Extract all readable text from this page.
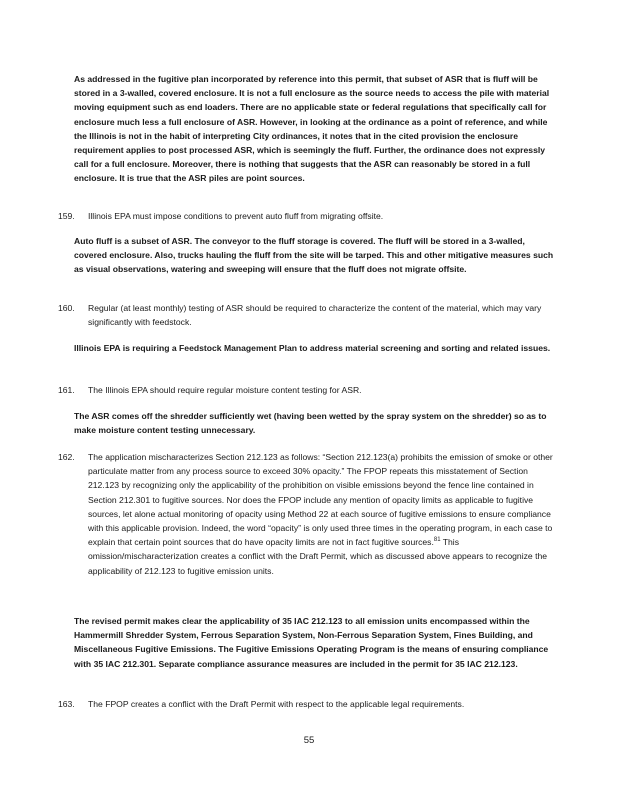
As addressed in the fugitive plan incorporated by reference into this permit, that subset of ASR that is fluff will be stored in a 3-walled, covered enclosure. It is not a full enclosure as the source needs to access the pile with material moving equipment such as end loaders. There are no applicable state or federal regulations that specifically call for enclosure much less a full enclosure of ASR. However, in looking at the ordinance as a point of reference, and while the Illinois is not in the habit of interpreting City ordinances, it notes that in the cited provision the enclosure requirement applies to post processed ASR, which is seemingly the fluff. Further, the ordinance does not expressly call for a full enclosure. Moreover, there is nothing that suggests that the ASR can reasonably be stored in a full enclosure. It is true that the ASR piles are point sources.
159. Illinois EPA must impose conditions to prevent auto fluff from migrating offsite.
Auto fluff is a subset of ASR. The conveyor to the fluff storage is covered. The fluff will be stored in a 3-walled, covered enclosure. Also, trucks hauling the fluff from the site will be tarped. This and other mitigative measures such as visual observations, watering and sweeping will ensure that the fluff does not migrate offsite.
160. Regular (at least monthly) testing of ASR should be required to characterize the content of the material, which may vary significantly with feedstock.
Illinois EPA is requiring a Feedstock Management Plan to address material screening and sorting and related issues.
161. The Illinois EPA should require regular moisture content testing for ASR.
The ASR comes off the shredder sufficiently wet (having been wetted by the spray system on the shredder) so as to make moisture content testing unnecessary.
162. The application mischaracterizes Section 212.123 as follows: “Section 212.123(a) prohibits the emission of smoke or other particulate matter from any process source to exceed 30% opacity.” The FPOP repeats this misstatement of Section 212.123 by recognizing only the applicability of the prohibition on visible emissions beyond the fence line contained in Section 212.301 to fugitive sources. Nor does the FPOP include any mention of opacity limits as applicable to fugitive sources, let alone actual monitoring of opacity using Method 22 at each source of fugitive emissions to ensure compliance with this applicable provision. Indeed, the word “opacity” is only used three times in the operating program, in each case to explain that certain point sources that do have opacity limits are not in fact fugitive sources.$^{81}$ This omission/mischaracterization creates a conflict with the Draft Permit, which as discussed above appears to recognize the applicability of 212.123 to fugitive emission units.
The revised permit makes clear the applicability of 35 IAC 212.123 to all emission units encompassed within the Hammermill Shredder System, Ferrous Separation System, Non-Ferrous Separation System, Fines Building, and Miscellaneous Fugitive Emissions. The Fugitive Emissions Operating Program is the means of ensuring compliance with 35 IAC 212.301. Separate compliance assurance measures are included in the permit for 35 IAC 212.123.
163. The FPOP creates a conflict with the Draft Permit with respect to the applicable legal requirements.
55
